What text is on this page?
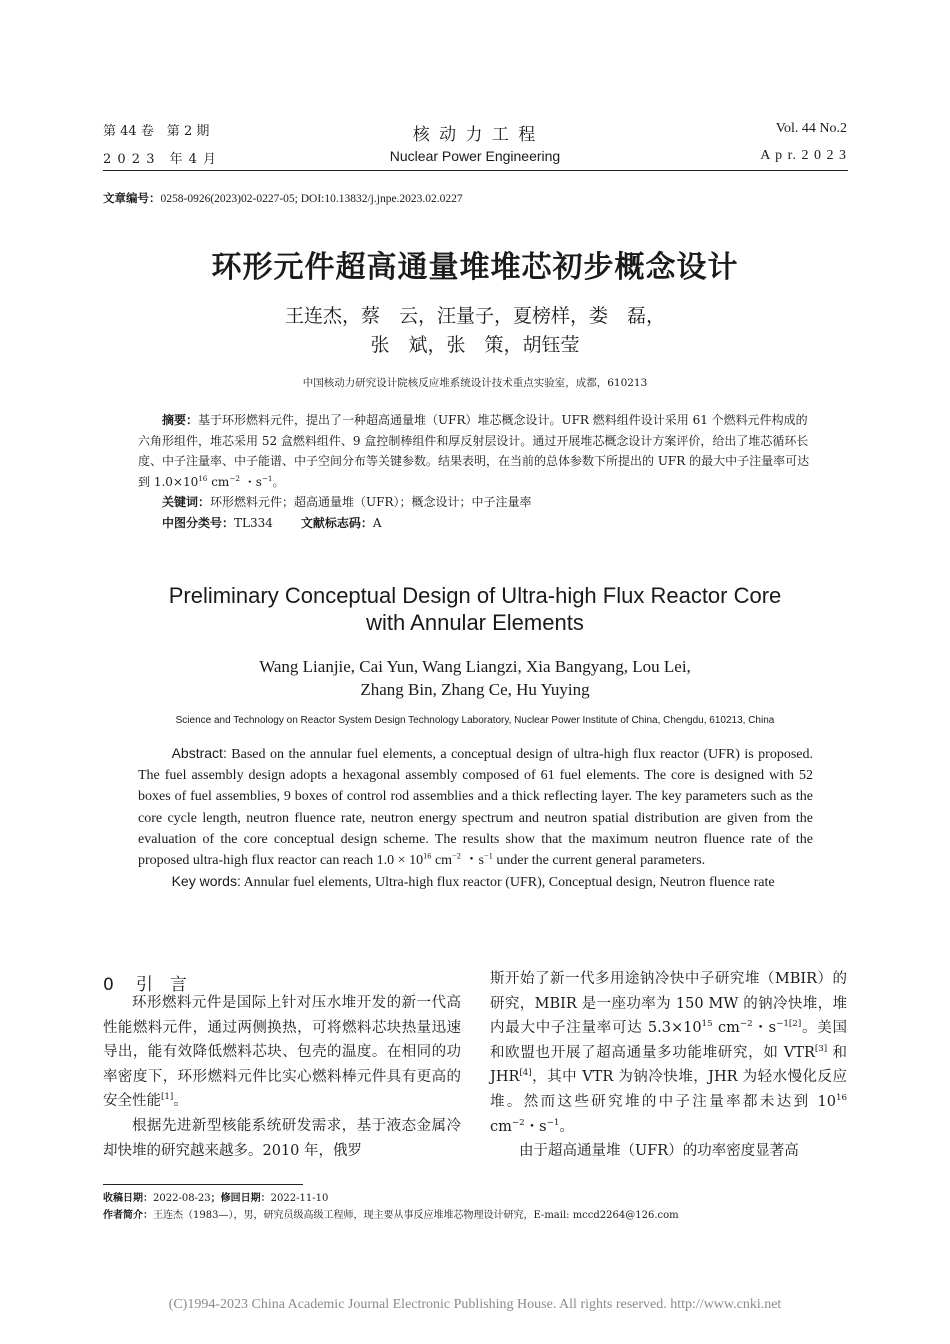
第 44 卷　第 2 期
2 0 2 3　年 4 月
核 动 力 工 程
Nuclear Power Engineering
Vol. 44 No.2
A p r. 2 0 2 3
文章编号：0258-0926(2023)02-0227-05; DOI:10.13832/j.jnpe.2023.02.0227
环形元件超高通量堆堆芯初步概念设计
王连杰，蔡　云，汪量子，夏榜样，娄　磊，
张　斌，张　策，胡钰莹
中国核动力研究设计院核反应堆系统设计技术重点实验室，成都，610213

摘要：基于环形燃料元件，提出了一种超高通量堆（UFR）堆芯概念设计。UFR 燃料组件设计采用 61 个燃料元件构成的六角形组件，堆芯采用 52 盒燃料组件、9 盒控制棒组件和厚反射层设计。通过开展堆芯概念设计方案评价，给出了堆芯循环长度、中子注量率、中子能谱、中子空间分布等关键参数。结果表明，在当前的总体参数下所提出的 UFR 的最大中子注量率可达到 $1.0\times 10^{16}$ $cm^{-2}$ ・$s^{-1}$。

关键词：环形燃料元件；超高通量堆（UFR）；概念设计；中子注量率

中图分类号：TL334 文献标志码：A

Preliminary Conceptual Design of Ultra-high Flux Reactor Core
with Annular Elements
Wang Lianjie, Cai Yun, Wang Liangzi, Xia Bangyang, Lou Lei,
Zhang Bin, Zhang Ce, Hu Yuying
Science and Technology on Reactor System Design Technology Laboratory, Nuclear Power Institute of China, Chengdu, 610213, China

Abstract: Based on the annular fuel elements, a conceptual design of ultra-high flux reactor (UFR) is proposed. The fuel assembly design adopts a hexagonal assembly composed of 61 fuel elements. The core is designed with 52 boxes of fuel assemblies, 9 boxes of control rod assemblies and a thick reflecting layer. The key parameters such as the core cycle length, neutron fluence rate, neutron energy spectrum and neutron spatial distribution are given from the evaluation of the core conceptual design scheme. The results show that the maximum neutron fluence rate of the proposed ultra-high flux reactor can reach $1.0 \times 10^{16}$ $cm^{-2}$ ・$s^{-1}$ under the current general parameters.

Key words: Annular fuel elements, Ultra-high flux reactor (UFR), Conceptual design, Neutron fluence rate

0 引　言

环形燃料元件是国际上针对压水堆开发的新一代高性能燃料元件，通过两侧换热，可将燃料芯块热量迅速导出，能有效降低燃料芯块、包壳的温度。在相同的功率密度下，环形燃料元件比实心燃料棒元件具有更高的安全性能[1]。

根据先进新型核能系统研发需求，基于液态金属冷却快堆的研究越来越多。2010 年，俄罗

斯开始了新一代多用途钠冷快中子研究堆（MBIR）的研究，MBIR 是一座功率为 150 MW 的钠冷快堆，堆内最大中子注量率可达 $5.3\times 10^{15}$ $cm^{-2}$・$s^{-1[2]}$。美国和欧盟也开展了超高通量多功能堆研究，如 VTR[3] 和 JHR[4]，其中 VTR 为钠冷快堆，JHR 为轻水慢化反应堆。然而这些研究堆的中子注量率都未达到 $10^{16}$ $cm^{-2}$・$s^{-1}$。

由于超高通量堆（UFR）的功率密度显著高

收稿日期：2022-08-23；修回日期：2022-11-10
作者简介：王连杰（1983—），男，研究员级高级工程师，现主要从事反应堆堆芯物理设计研究，E-mail: mccd2264@126.com
(C)1994-2023 China Academic Journal Electronic Publishing House. All rights reserved. http://www.cnki.net
